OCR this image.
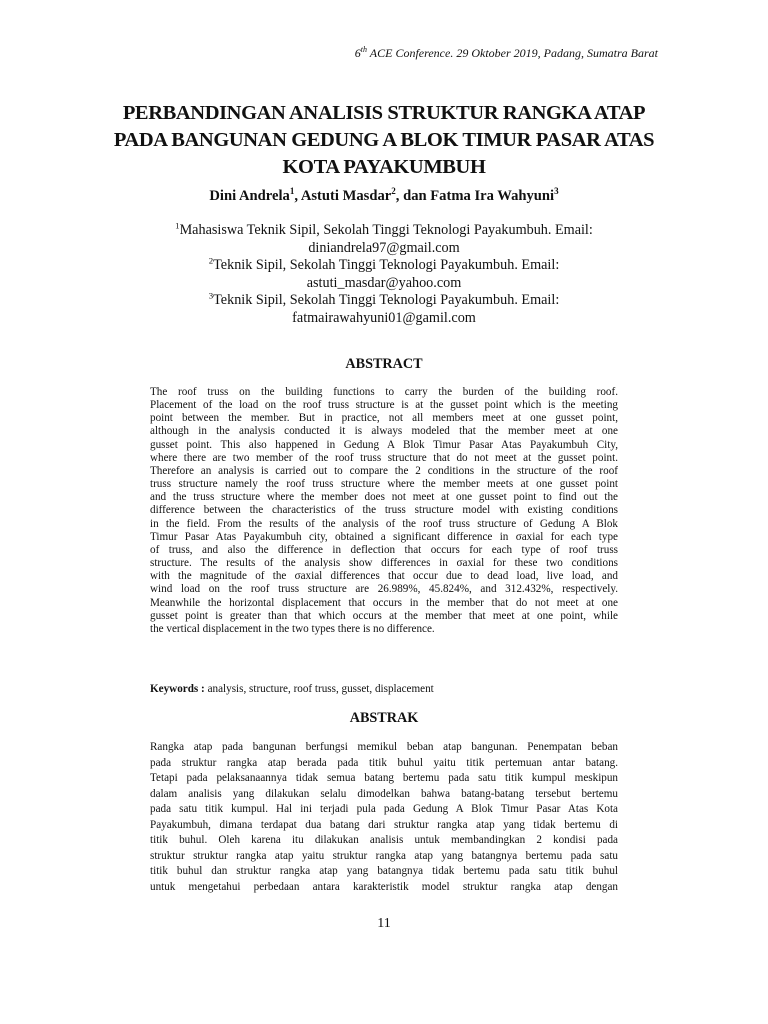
6th ACE Conference. 29 Oktober 2019, Padang, Sumatra Barat
PERBANDINGAN ANALISIS STRUKTUR RANGKA ATAP
PADA BANGUNAN GEDUNG A BLOK TIMUR PASAR ATAS
KOTA PAYAKUMBUH
Dini Andrela$^1$, Astuti Masdar$^2$, dan Fatma Ira Wahyuni$^3$
$^1$Mahasiswa Teknik Sipil, Sekolah Tinggi Teknologi Payakumbuh. Email:
diniandrela97@gmail.com
$^2$Teknik Sipil, Sekolah Tinggi Teknologi Payakumbuh. Email:
astuti_masdar@yahoo.com
$^3$Teknik Sipil, Sekolah Tinggi Teknologi Payakumbuh. Email:
fatmairawahyuni01@gamil.com
ABSTRACT
The roof truss on the building functions to carry the burden of the building roof.
Placement of the load on the roof truss structure is at the gusset point which is the meeting
point between the member. But in practice, not all members meet at one gusset point,
although in the analysis conducted it is always modeled that the member meet at one
gusset point. This also happened in Gedung A Blok Timur Pasar Atas Payakumbuh City,
where there are two member of the roof truss structure that do not meet at the gusset point.
Therefore an analysis is carried out to compare the 2 conditions in the structure of the roof
truss structure namely the roof truss structure where the member meets at one gusset point
and the truss structure where the member does not meet at one gusset point to find out the
difference between the characteristics of the truss structure model with existing conditions
in the field. From the results of the analysis of the roof truss structure of Gedung A Blok
Timur Pasar Atas Payakumbuh city, obtained a significant difference in σaxial for each type
of truss, and also the difference in deflection that occurs for each type of roof truss
structure. The results of the analysis show differences in σaxial for these two conditions
with the magnitude of the σaxial differences that occur due to dead load, live load, and
wind load on the roof truss structure are 26.989%, 45.824%, and 312.432%, respectively.
Meanwhile the horizontal displacement that occurs in the member that do not meet at one
gusset point is greater than that which occurs at the member that meet at one point, while
the vertical displacement in the two types there is no difference.
Keywords : analysis, structure, roof truss, gusset, displacement
ABSTRAK
Rangka atap pada bangunan berfungsi memikul beban atap bangunan. Penempatan beban
pada struktur rangka atap berada pada titik buhul yaitu titik pertemuan antar batang.
Tetapi pada pelaksanaannya tidak semua batang bertemu pada satu titik kumpul meskipun
dalam analisis yang dilakukan selalu dimodelkan bahwa batang-batang tersebut bertemu
pada satu titik kumpul. Hal ini terjadi pula pada Gedung A Blok Timur Pasar Atas Kota
Payakumbuh, dimana terdapat dua batang dari struktur rangka atap yang tidak bertemu di
titik buhul. Oleh karena itu dilakukan analisis untuk membandingkan 2 kondisi pada
struktur struktur rangka atap yaitu struktur rangka atap yang batangnya bertemu pada satu
titik buhul dan struktur rangka atap yang batangnya tidak bertemu pada satu titik buhul
untuk mengetahui perbedaan antara karakteristik model struktur rangka atap dengan
11
